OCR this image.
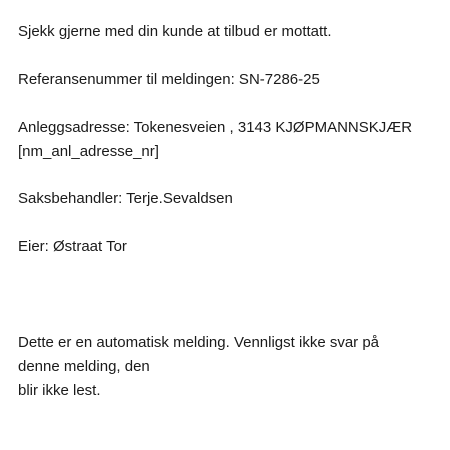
Sjekk gjerne med din kunde at tilbud er mottatt.
Referansenummer til meldingen: SN-7286-25
Anleggsadresse: Tokenesveien , 3143 KJØPMANNSKJÆR
[nm_anl_adresse_nr]
Saksbehandler: Terje.Sevaldsen
Eier: Østraat Tor
Dette er en automatisk melding. Vennligst ikke svar på
denne melding, den
blir ikke lest.
